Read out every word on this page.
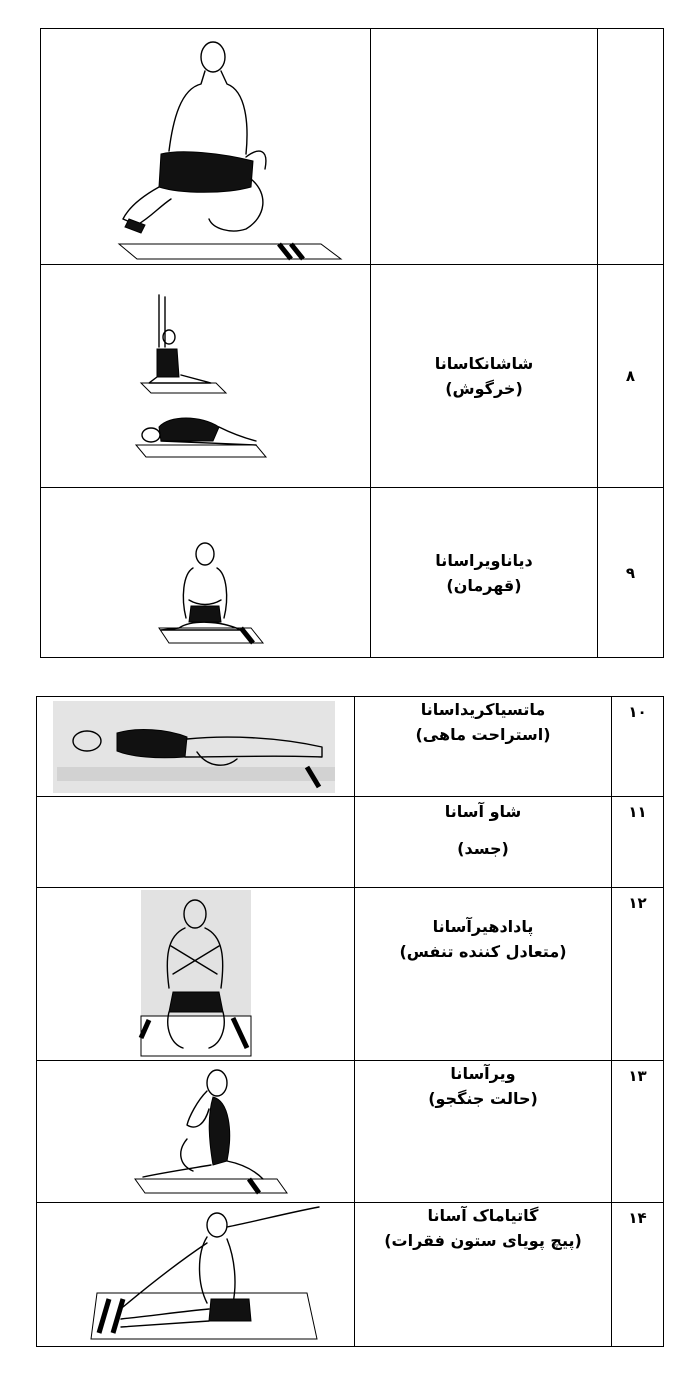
شاشانکاسانا
(خرگوش)	۸

دیاناویراسانا
(قهرمان)	۹

ماتسیاکریداسانا
(استراحت ماهی)	۱۰

	شاو آسانا
(جسد)	۱۱

پادادهیرآسانا
(متعادل کننده تنفس)	۱۲

ویرآسانا
(حالت جنگجو)	۱۳

گاتیاماک آسانا
(پیچ پویای ستون فقرات)	۱۴
